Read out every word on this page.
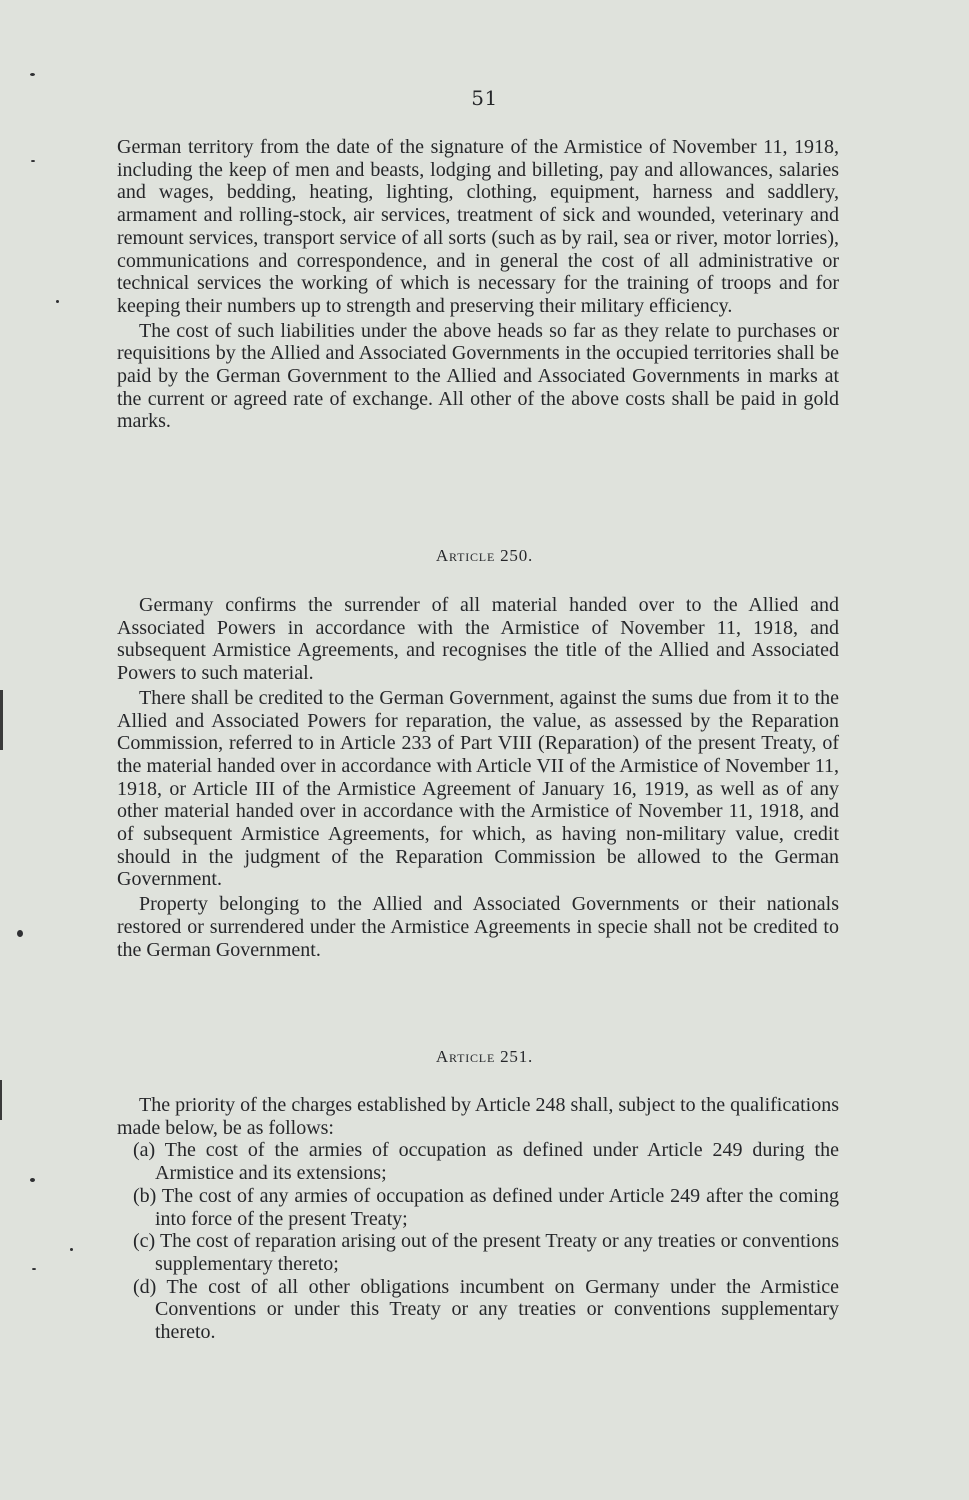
51

German territory from the date of the signature of the Armistice of November 11, 1918, including the keep of men and beasts, lodging and billeting, pay and allowances, salaries and wages, bedding, heating, lighting, clothing, equipment, harness and saddlery, armament and rolling-stock, air services, treatment of sick and wounded, veterinary and remount services, transport service of all sorts (such as by rail, sea or river, motor lorries), communications and correspondence, and in general the cost of all administrative or technical services the working of which is necessary for the training of troops and for keeping their numbers up to strength and preserving their military efficiency.

The cost of such liabilities under the above heads so far as they relate to purchases or requisitions by the Allied and Associated Governments in the occupied territories shall be paid by the German Government to the Allied and Associated Governments in marks at the current or agreed rate of exchange. All other of the above costs shall be paid in gold marks.

Article 250.

Germany confirms the surrender of all material handed over to the Allied and Associated Powers in accordance with the Armistice of November 11, 1918, and subsequent Armistice Agreements, and recognises the title of the Allied and Associated Powers to such material.

There shall be credited to the German Government, against the sums due from it to the Allied and Associated Powers for reparation, the value, as assessed by the Reparation Commission, referred to in Article 233 of Part VIII (Reparation) of the present Treaty, of the material handed over in accordance with Article VII of the Armistice of November 11, 1918, or Article III of the Armistice Agreement of January 16, 1919, as well as of any other material handed over in accordance with the Armistice of November 11, 1918, and of subsequent Armistice Agreements, for which, as having non-military value, credit should in the judgment of the Reparation Commission be allowed to the German Government.

Property belonging to the Allied and Associated Governments or their nationals restored or surrendered under the Armistice Agreements in specie shall not be credited to the German Government.

Article 251.

The priority of the charges established by Article 248 shall, subject to the qualifications made below, be as follows:

(a) The cost of the armies of occupation as defined under Article 249 during the Armistice and its extensions;

(b) The cost of any armies of occupation as defined under Article 249 after the coming into force of the present Treaty;

(c) The cost of reparation arising out of the present Treaty or any treaties or conventions supplementary thereto;

(d) The cost of all other obligations incumbent on Germany under the Armistice Conventions or under this Treaty or any treaties or conventions supplementary thereto.
